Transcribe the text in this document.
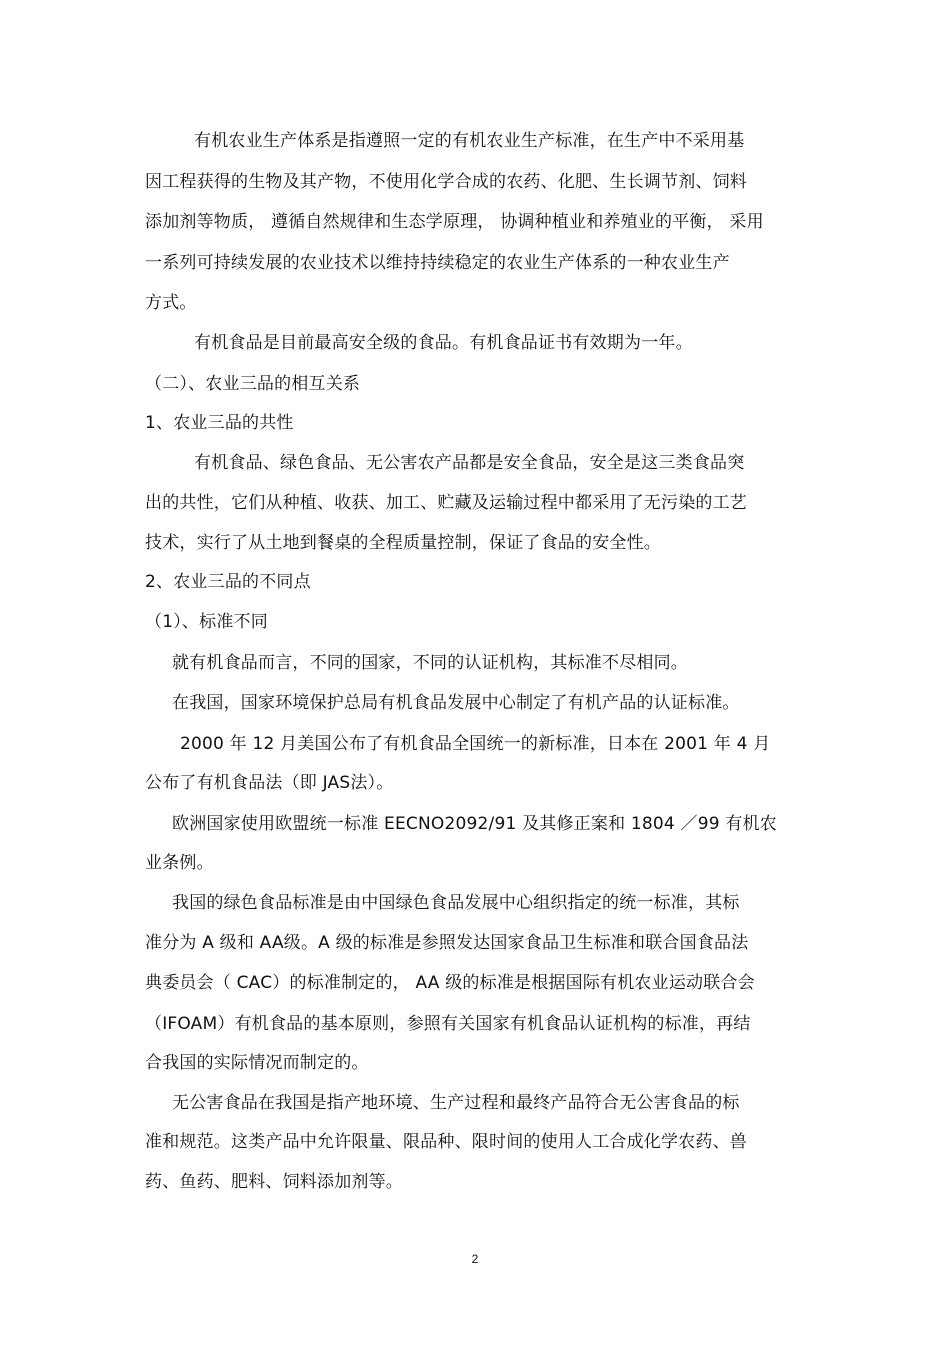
有机农业生产体系是指遵照一定的有机农业生产标准，在生产中不采用基
因工程获得的生物及其产物，不使用化学合成的农药、化肥、生长调节剂、饲料
添加剂等物质， 遵循自然规律和生态学原理， 协调种植业和养殖业的平衡， 采用
一系列可持续发展的农业技术以维持持续稳定的农业生产体系的一种农业生产
方式。
有机食品是目前最高安全级的食品。有机食品证书有效期为一年。
（二）、农业三品的相互关系
1、农业三品的共性
有机食品、绿色食品、无公害农产品都是安全食品，安全是这三类食品突
出的共性，它们从种植、收获、加工、贮藏及运输过程中都采用了无污染的工艺
技术，实行了从土地到餐桌的全程质量控制，保证了食品的安全性。
2、农业三品的不同点
（1）、标准不同
就有机食品而言，不同的国家，不同的认证机构，其标准不尽相同。
在我国，国家环境保护总局有机食品发展中心制定了有机产品的认证标准。
2000 年 12 月美国公布了有机食品全国统一的新标准，日本在 2001 年 4 月
公布了有机食品法（即 JAS法）。
欧洲国家使用欧盟统一标准 EECNO2092/91 及其修正案和 1804 ／99 有机农
业条例。
我国的绿色食品标准是由中国绿色食品发展中心组织指定的统一标准，其标
准分为 A 级和 AA级。A 级的标准是参照发达国家食品卫生标准和联合国食品法
典委员会（ CAC）的标准制定的， AA 级的标准是根据国际有机农业运动联合会
（IFOAM）有机食品的基本原则，参照有关国家有机食品认证机构的标准，再结
合我国的实际情况而制定的。
无公害食品在我国是指产地环境、生产过程和最终产品符合无公害食品的标
准和规范。这类产品中允许限量、限品种、限时间的使用人工合成化学农药、兽
药、鱼药、肥料、饲料添加剂等。
2
